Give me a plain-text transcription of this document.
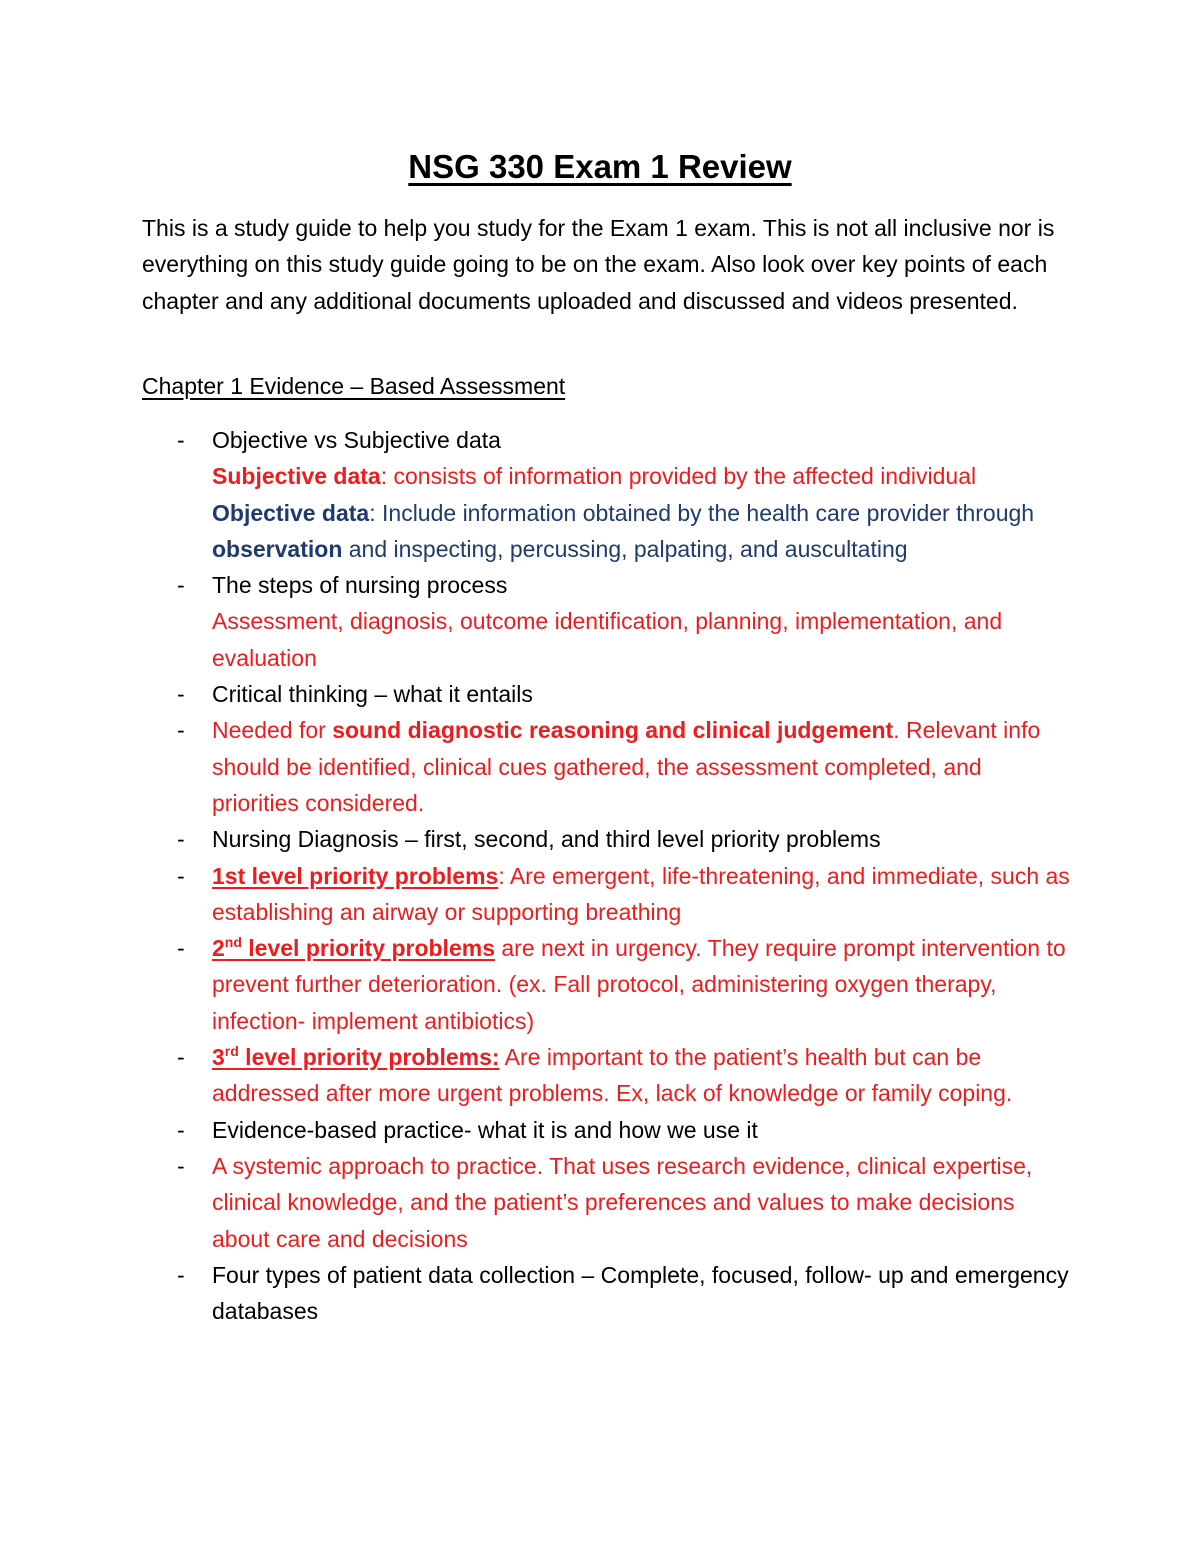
NSG 330 Exam 1 Review

This is a study guide to help you study for the Exam 1 exam. This is not all inclusive nor is everything on this study guide going to be on the exam. Also look over key points of each chapter and any additional documents uploaded and discussed and videos presented.

Chapter 1 Evidence – Based Assessment
- Objective vs Subjective data
Subjective data: consists of information provided by the affected individual
Objective data: Include information obtained by the health care provider through observation and inspecting, percussing, palpating, and auscultating
- The steps of nursing process
Assessment, diagnosis, outcome identification, planning, implementation, and evaluation
- Critical thinking – what it entails
- Needed for sound diagnostic reasoning and clinical judgement. Relevant info should be identified, clinical cues gathered, the assessment completed, and priorities considered.
- Nursing Diagnosis – first, second, and third level priority problems
- 1st level priority problems: Are emergent, life-threatening, and immediate, such as establishing an airway or supporting breathing
- 2nd level priority problems are next in urgency. They require prompt intervention to prevent further deterioration. (ex. Fall protocol, administering oxygen therapy, infection- implement antibiotics)
- 3rd level priority problems: Are important to the patient’s health but can be addressed after more urgent problems. Ex, lack of knowledge or family coping.
- Evidence-based practice- what it is and how we use it
- A systemic approach to practice. That uses research evidence, clinical expertise, clinical knowledge, and the patient’s preferences and values to make decisions about care and decisions
- Four types of patient data collection – Complete, focused, follow- up and emergency databases
